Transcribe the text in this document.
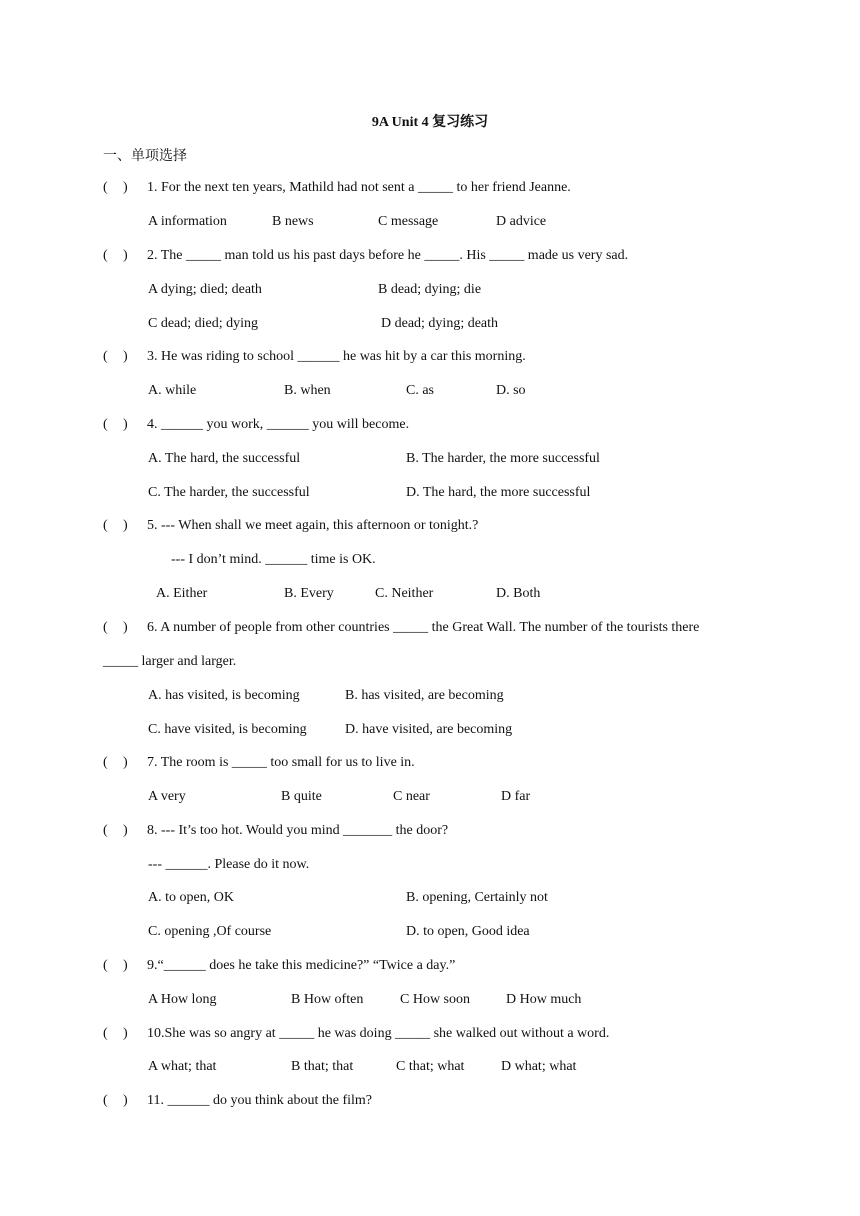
9A Unit 4 复习练习
一、单项选择
( ) 1. For the next ten years, Mathild had not sent a _____ to her friend Jeanne.
A information	B news	C message	D advice
( ) 2. The _____ man told us his past days before he _____. His _____ made us very sad.
A dying; died; death	B dead; dying; die
C dead; died; dying	D dead; dying; death
( ) 3. He was riding to school ______ he was hit by a car this morning.
A. while	B. when	C. as	D. so
( ) 4. ______ you work, ______ you will become.
A. The hard, the successful	B. The harder, the more successful
C. The harder, the successful	D. The hard, the more successful
( ) 5. --- When shall we meet again, this afternoon or tonight.?
--- I don’t mind. ______ time is OK.
A. Either	B. Every	C. Neither	D. Both
( ) 6. A number of people from other countries _____ the Great Wall. The number of the tourists there
_____ larger and larger.
A. has visited, is becoming	B. has visited, are becoming
C. have visited, is becoming	D. have visited, are becoming
( ) 7. The room is _____ too small for us to live in.
A very	B quite	C near	D far
( ) 8. --- It’s too hot. Would you mind _______ the door?
--- ______. Please do it now.
A. to open, OK	B. opening, Certainly not
C. opening ,Of course	D. to open, Good idea
( ) 9.“______ does he take this medicine?” “Twice a day.”
A How long	B How often	C How soon	D How much
( ) 10.She was so angry at _____ he was doing _____ she walked out without a word.
A what; that	B that; that	C that; what	D what; what
( ) 11. ______ do you think about the film?
